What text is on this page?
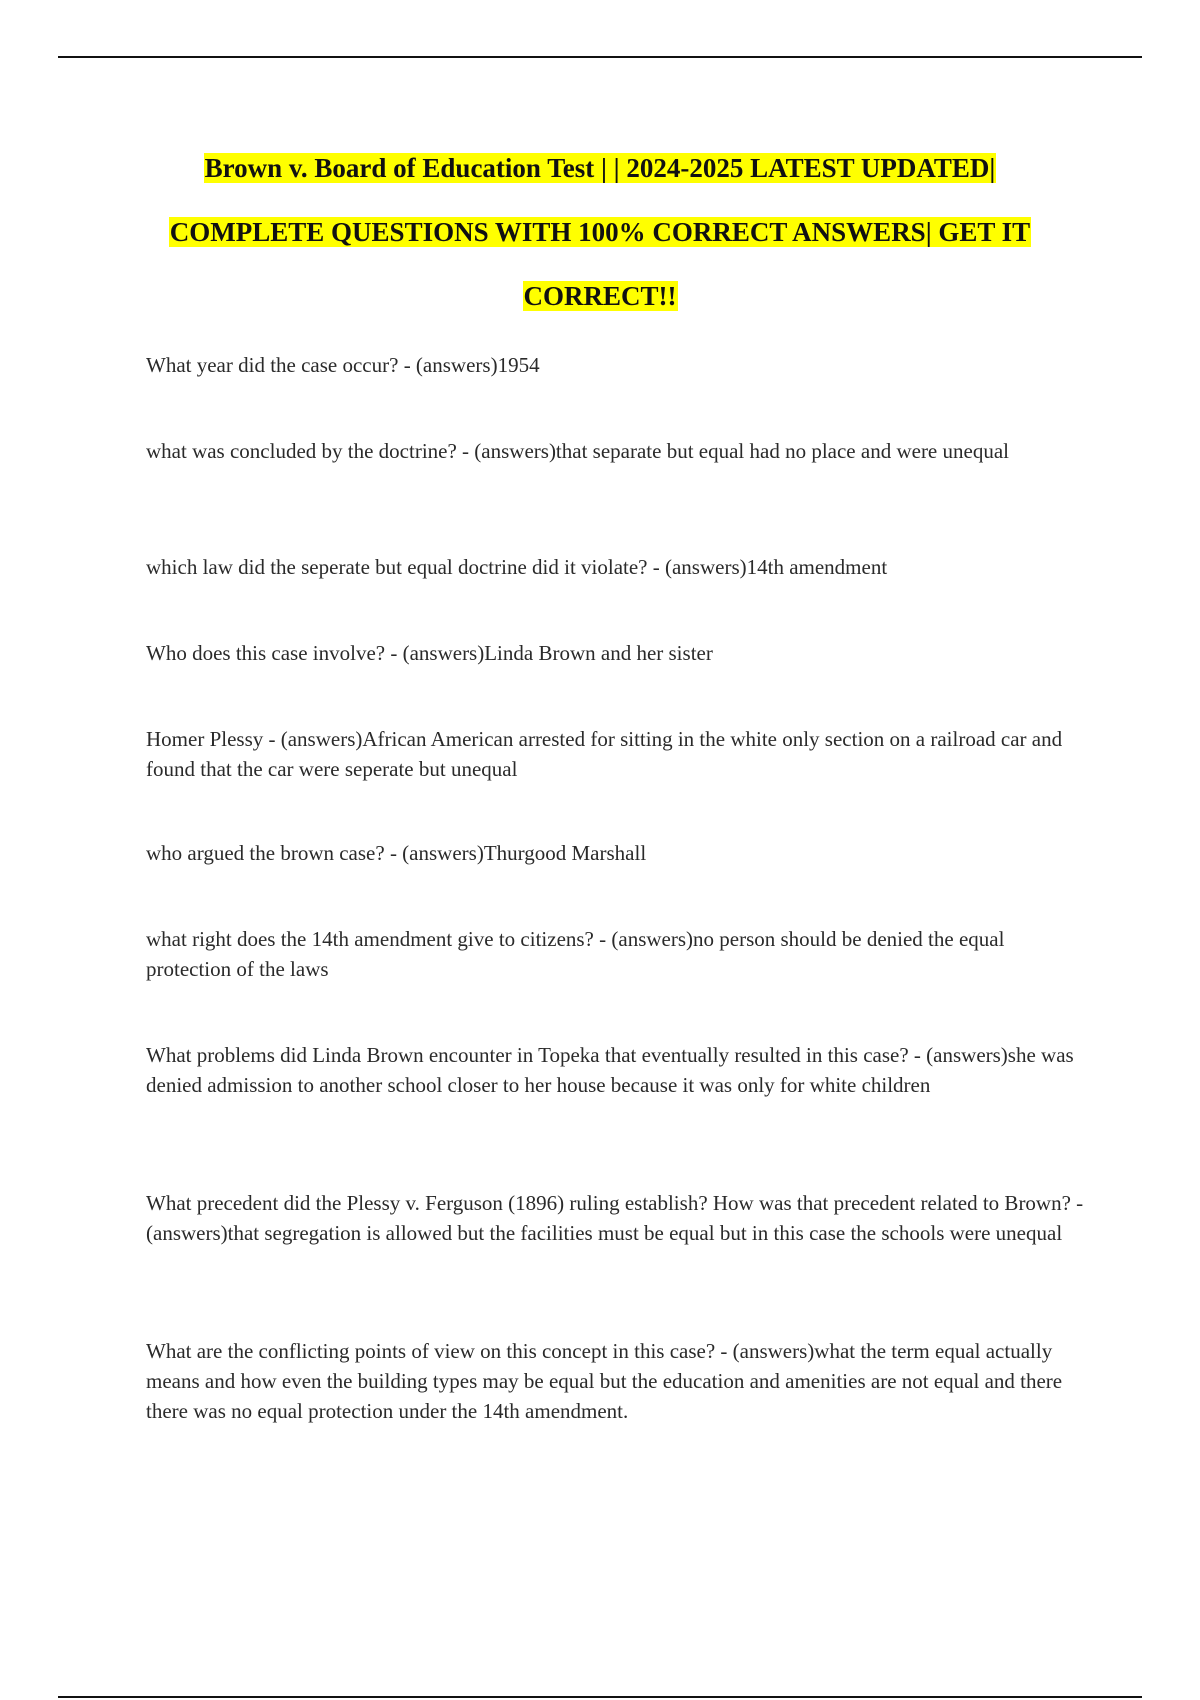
Brown v. Board of Education Test | | 2024-2025 LATEST UPDATED|
COMPLETE QUESTIONS WITH 100% CORRECT ANSWERS| GET IT
CORRECT!!

What year did the case occur? - (answers)1954

what was concluded by the doctrine? - (answers)that separate but equal had no place and were unequal

which law did the seperate but equal doctrine did it violate? - (answers)14th amendment

Who does this case involve? - (answers)Linda Brown and her sister

Homer Plessy - (answers)African American arrested for sitting in the white only section on a railroad car and found that the car were seperate but unequal

who argued the brown case? - (answers)Thurgood Marshall

what right does the 14th amendment give to citizens? - (answers)no person should be denied the equal protection of the laws

What problems did Linda Brown encounter in Topeka that eventually resulted in this case? - (answers)she was denied admission to another school closer to her house because it was only for white children

What precedent did the Plessy v. Ferguson (1896) ruling establish? How was that precedent related to Brown? - (answers)that segregation is allowed but the facilities must be equal but in this case the schools were unequal

What are the conflicting points of view on this concept in this case? - (answers)what the term equal actually means and how even the building types may be equal but the education and amenities are not equal and there there was no equal protection under the 14th amendment.
